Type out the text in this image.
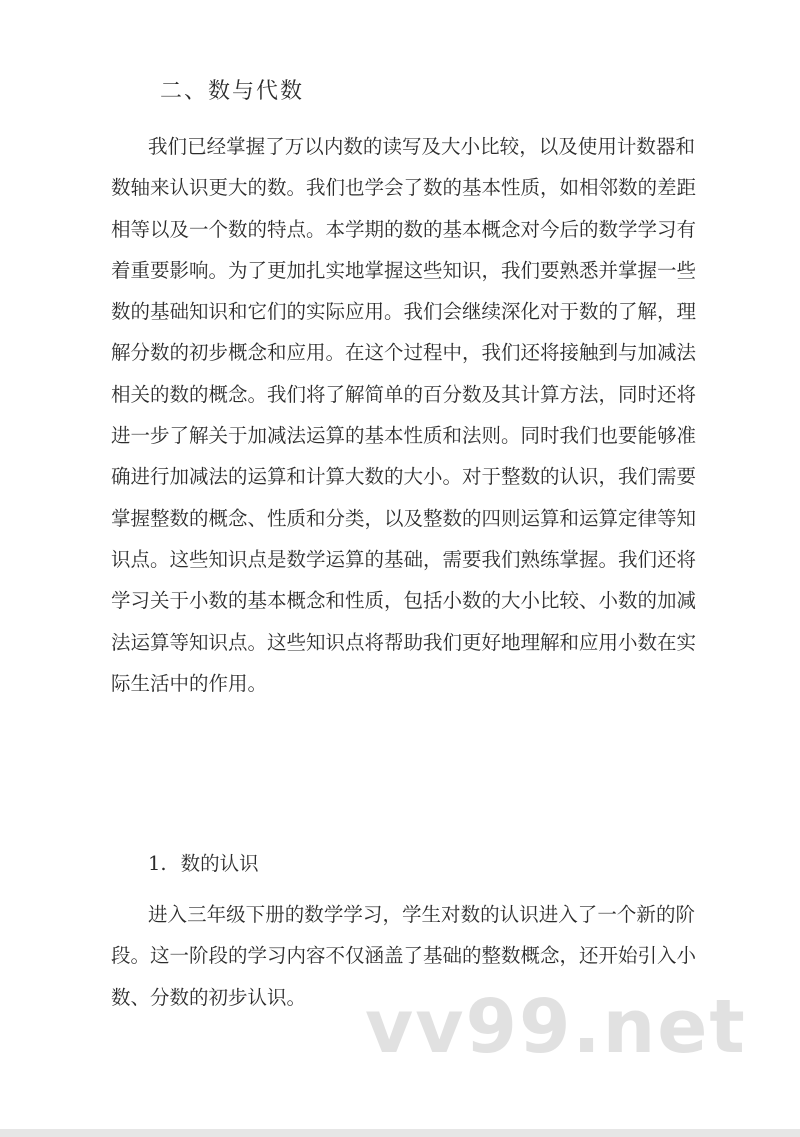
二、数与代数
我们已经掌握了万以内数的读写及大小比较，以及使用计数器和
数轴来认识更大的数。我们也学会了数的基本性质，如相邻数的差距
相等以及一个数的特点。本学期的数的基本概念对今后的数学学习有
着重要影响。为了更加扎实地掌握这些知识，我们要熟悉并掌握一些
数的基础知识和它们的实际应用。我们会继续深化对于数的了解，理
解分数的初步概念和应用。在这个过程中，我们还将接触到与加减法
相关的数的概念。我们将了解简单的百分数及其计算方法，同时还将
进一步了解关于加减法运算的基本性质和法则。同时我们也要能够准
确进行加减法的运算和计算大数的大小。对于整数的认识，我们需要
掌握整数的概念、性质和分类，以及整数的四则运算和运算定律等知
识点。这些知识点是数学运算的基础，需要我们熟练掌握。我们还将
学习关于小数的基本概念和性质，包括小数的大小比较、小数的加减
法运算等知识点。这些知识点将帮助我们更好地理解和应用小数在实
际生活中的作用。
1. 数的认识
进入三年级下册的数学学习，学生对数的认识进入了一个新的阶
段。这一阶段的学习内容不仅涵盖了基础的整数概念，还开始引入小
数、分数的初步认识。 vv99.net
